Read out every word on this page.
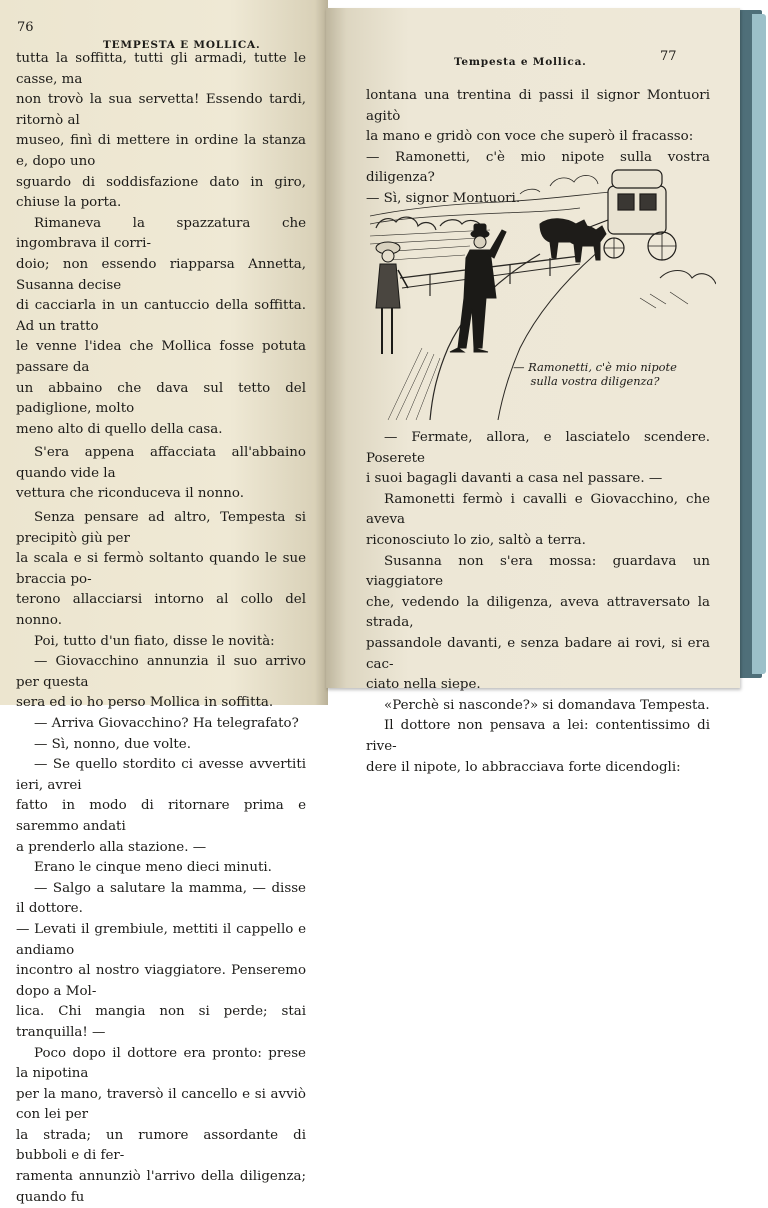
76
TEMPESTA E MOLLICA.

tutta la soffitta, tutti gli armadi, tutte le casse, ma

non trovò la sua servetta! Essendo tardi, ritornò al

museo, finì di mettere in ordine la stanza e, dopo uno

sguardo di soddisfazione dato in giro, chiuse la porta.

Rimaneva la spazzatura che ingombrava il corri-

doio; non essendo riapparsa Annetta, Susanna decise

di cacciarla in un cantuccio della soffitta. Ad un tratto

le venne l'idea che Mollica fosse potuta passare da

un abbaino che dava sul tetto del padiglione, molto

meno alto di quello della casa.

S'era appena affacciata all'abbaino quando vide la

vettura che riconduceva il nonno.

Senza pensare ad altro, Tempesta si precipitò giù per

la scala e si fermò soltanto quando le sue braccia po-

terono allacciarsi intorno al collo del nonno.

Poi, tutto d'un fiato, disse le novità:

— Giovacchino annunzia il suo arrivo per questa

sera ed io ho perso Mollica in soffitta.

— Arriva Giovacchino? Ha telegrafato?

— Sì, nonno, due volte.

— Se quello stordito ci avesse avvertiti ieri, avrei

fatto in modo di ritornare prima e saremmo andati

a prenderlo alla stazione. —

Erano le cinque meno dieci minuti.

— Salgo a salutare la mamma, — disse il dottore.

— Levati il grembiule, mettiti il cappello e andiamo

incontro al nostro viaggiatore. Penseremo dopo a Mol-

lica. Chi mangia non si perde; stai tranquilla! —

Poco dopo il dottore era pronto: prese la nipotina

per la mano, traversò il cancello e si avviò con lei per

la strada; un rumore assordante di bubboli e di fer-

ramenta annunziò l'arrivo della diligenza; quando fu

Tempesta e Mollica.	77

lontana una trentina di passi il signor Montuori agitò

la mano e gridò con voce che superò il fracasso:

— Ramonetti, c'è mio nipote sulla vostra diligenza?

— Sì, signor Montuori.

— Ramonetti, c'è mio nipote
sulla vostra diligenza?

— Fermate, allora, e lasciatelo scendere. Poserete

i suoi bagagli davanti a casa nel passare. —

Ramonetti fermò i cavalli e Giovacchino, che aveva

riconosciuto lo zio, saltò a terra.

Susanna non s'era mossa: guardava un viaggiatore

che, vedendo la diligenza, aveva attraversato la strada,

passandole davanti, e senza badare ai rovi, si era cac-

ciato nella siepe.

«Perchè si nasconde?» si domandava Tempesta.

Il dottore non pensava a lei: contentissimo di rive-

dere il nipote, lo abbracciava forte dicendogli:
